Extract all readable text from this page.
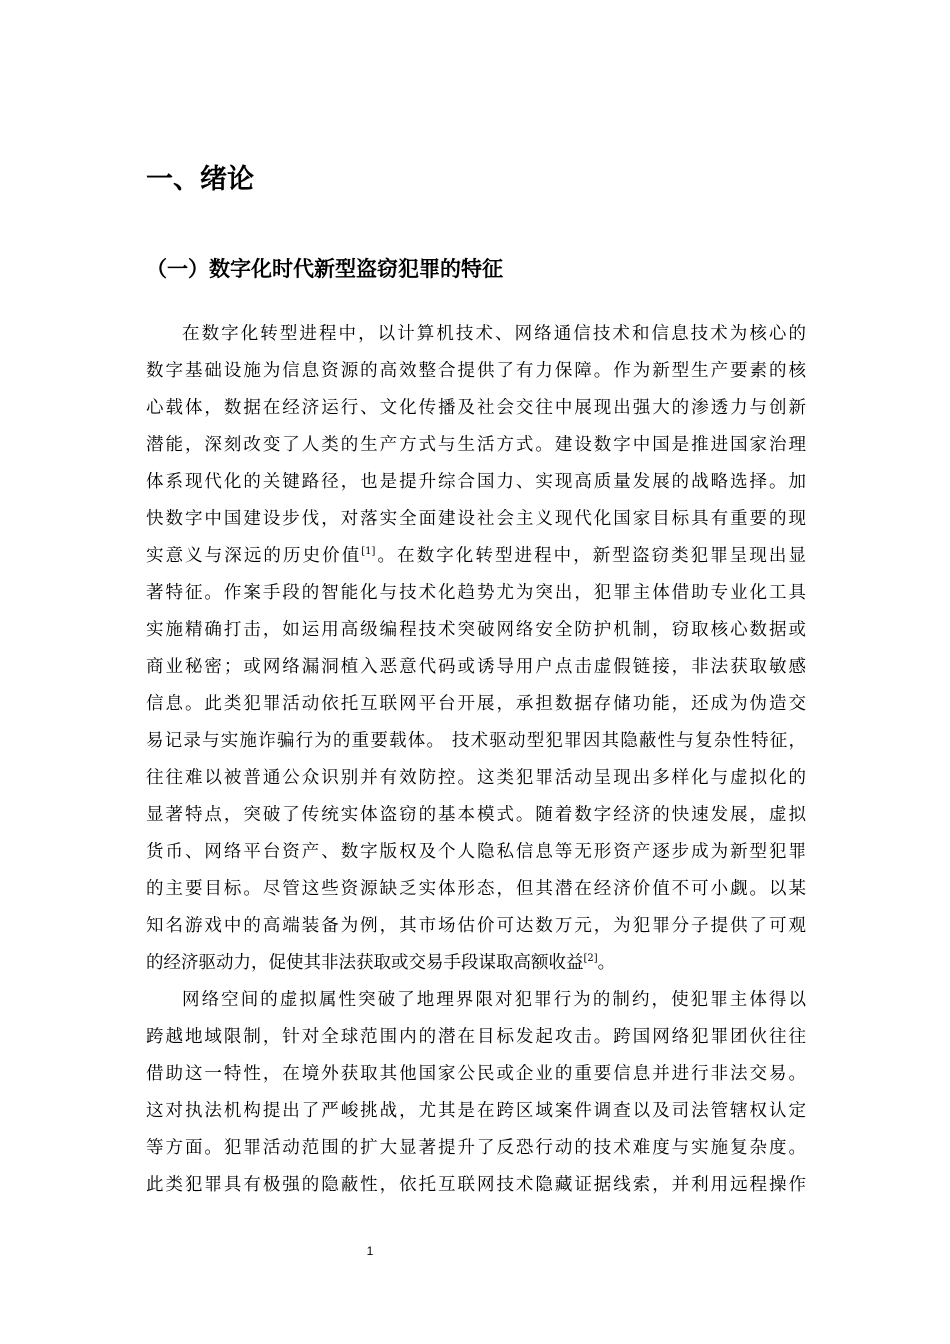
一、绪论
（一）数字化时代新型盗窃犯罪的特征
在数字化转型进程中，以计算机技术、网络通信技术和信息技术为核心的
数字基础设施为信息资源的高效整合提供了有力保障。作为新型生产要素的核
心载体，数据在经济运行、文化传播及社会交往中展现出强大的渗透力与创新
潜能，深刻改变了人类的生产方式与生活方式。建设数字中国是推进国家治理
体系现代化的关键路径，也是提升综合国力、实现高质量发展的战略选择。加
快数字中国建设步伐，对落实全面建设社会主义现代化国家目标具有重要的现
实意义与深远的历史价值[1]。在数字化转型进程中，新型盗窃类犯罪呈现出显
著特征。作案手段的智能化与技术化趋势尤为突出，犯罪主体借助专业化工具
实施精确打击，如运用高级编程技术突破网络安全防护机制，窃取核心数据或
商业秘密；或网络漏洞植入恶意代码或诱导用户点击虚假链接，非法获取敏感
信息。此类犯罪活动依托互联网平台开展，承担数据存储功能，还成为伪造交
易记录与实施诈骗行为的重要载体。 技术驱动型犯罪因其隐蔽性与复杂性特征，
往往难以被普通公众识别并有效防控。这类犯罪活动呈现出多样化与虚拟化的
显著特点，突破了传统实体盗窃的基本模式。随着数字经济的快速发展，虚拟
货币、网络平台资产、数字版权及个人隐私信息等无形资产逐步成为新型犯罪
的主要目标。尽管这些资源缺乏实体形态，但其潜在经济价值不可小觑。以某
知名游戏中的高端装备为例，其市场估价可达数万元，为犯罪分子提供了可观
的经济驱动力，促使其非法获取或交易手段谋取高额收益[2]。
网络空间的虚拟属性突破了地理界限对犯罪行为的制约，使犯罪主体得以
跨越地域限制，针对全球范围内的潜在目标发起攻击。跨国网络犯罪团伙往往
借助这一特性，在境外获取其他国家公民或企业的重要信息并进行非法交易。
这对执法机构提出了严峻挑战，尤其是在跨区域案件调查以及司法管辖权认定
等方面。犯罪活动范围的扩大显著提升了反恐行动的技术难度与实施复杂度。
此类犯罪具有极强的隐蔽性，依托互联网技术隐藏证据线索，并利用远程操作
1
